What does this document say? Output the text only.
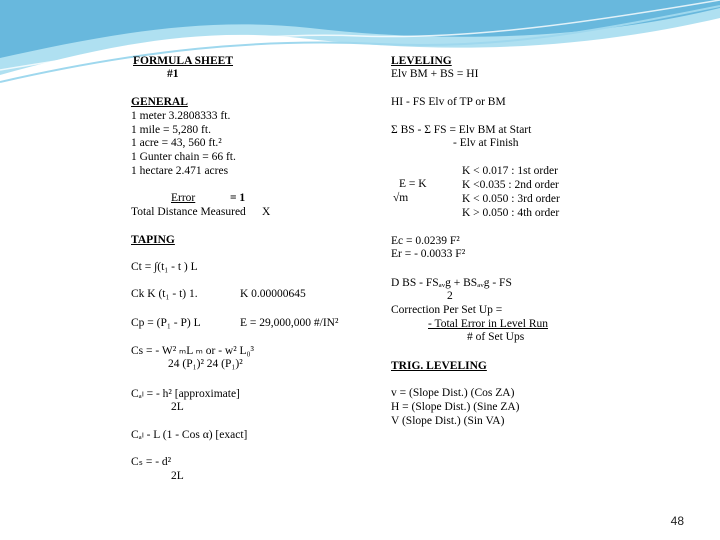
FORMULA SHEET
#1
GENERAL
1 meter 3.2808333 ft.
1 mile = 5,280 ft.
1 acre = 43, 560 ft.²
1 Gunter chain = 66 ft.
1 hectare 2.471 acres
Error	= 1
Total Distance Measured X
TAPING
Ct = ∫(t₁ - t ) L
Ck K (t₁ - t) 1.	K 0.00000645
Cp = (P₁ - P) L	E = 29,000,000 #/IN²
Cs = - W² ₘL ₘ or - w² L₀³
24 (P₁)² 24 (P₁)²
Cₐₗ = - h² [approximate]
2L
Cₐₗ - L (1 - Cos α) [exact]
Cₛ = - d²
2L
LEVELING
Elv BM + BS = HI
HI - FS Elv of TP or BM
Σ BS - Σ FS = Elv BM at Start
- Elv at Finish
E = K
√m
K < 0.017 : 1st order
K <0.035 : 2nd order
K < 0.050 : 3rd order
K > 0.050 : 4th order
Ec = 0.0239 F²
Er = - 0.0033 F²
D BS - FSₐᵥg + BSₐᵥg - FS
2
Correction Per Set Up =
- Total Error in Level Run
# of Set Ups
TRIG. LEVELING
v = (Slope Dist.) (Cos ZA)
H = (Slope Dist.) (Sine ZA)
V (Slope Dist.) (Sin VA)
48
